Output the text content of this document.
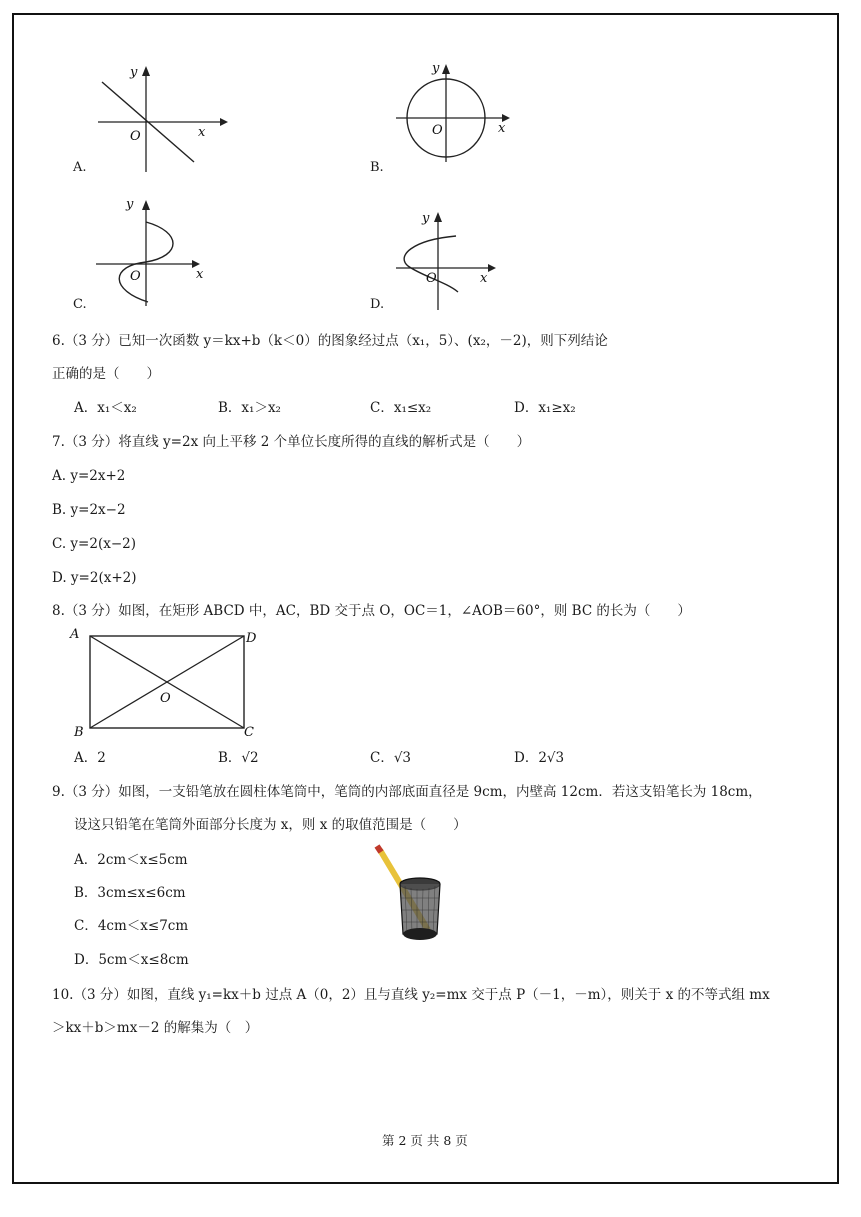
y
x
O
A.
y
x
O
B.
y
x
O
C.
y
x
O
D.
6.（3 分）已知一次函数 y＝kx+b（k＜0）的图象经过点（x₁，5）、(x₂，－2)，则下列结论
正确的是（　　）
A．x₁＜x₂	B．x₁＞x₂	C．x₁≤x₂	D．x₁≥x₂
7.（3 分）将直线 y=2x 向上平移 2 个单位长度所得的直线的解析式是（　　）
A. y=2x+2
B. y=2x−2
C. y=2(x−2)
D. y=2(x+2)
8.（3 分）如图，在矩形 ABCD 中，AC，BD 交于点 O，OC＝1，∠AOB＝60°，则 BC 的长为（　　）
A	D
B	C
O
A．2	B．√2	C．√3	D．2√3
9.（3 分）如图，一支铅笔放在圆柱体笔筒中，笔筒的内部底面直径是 9cm，内壁高 12cm．若这支铅笔长为 18cm，
设这只铅笔在笔筒外面部分长度为 x，则 x 的取值范围是（　　）
A．2cm＜x≤5cm
B．3cm≤x≤6cm
C．4cm＜x≤7cm
D．5cm＜x≤8cm
10.（3 分）如图，直线 y₁=kx＋b 过点 A（0，2）且与直线 y₂=mx 交于点 P（－1，－m），则关于 x 的不等式组 mx
＞kx＋b＞mx－2 的解集为（　）
第 2 页 共 8 页
